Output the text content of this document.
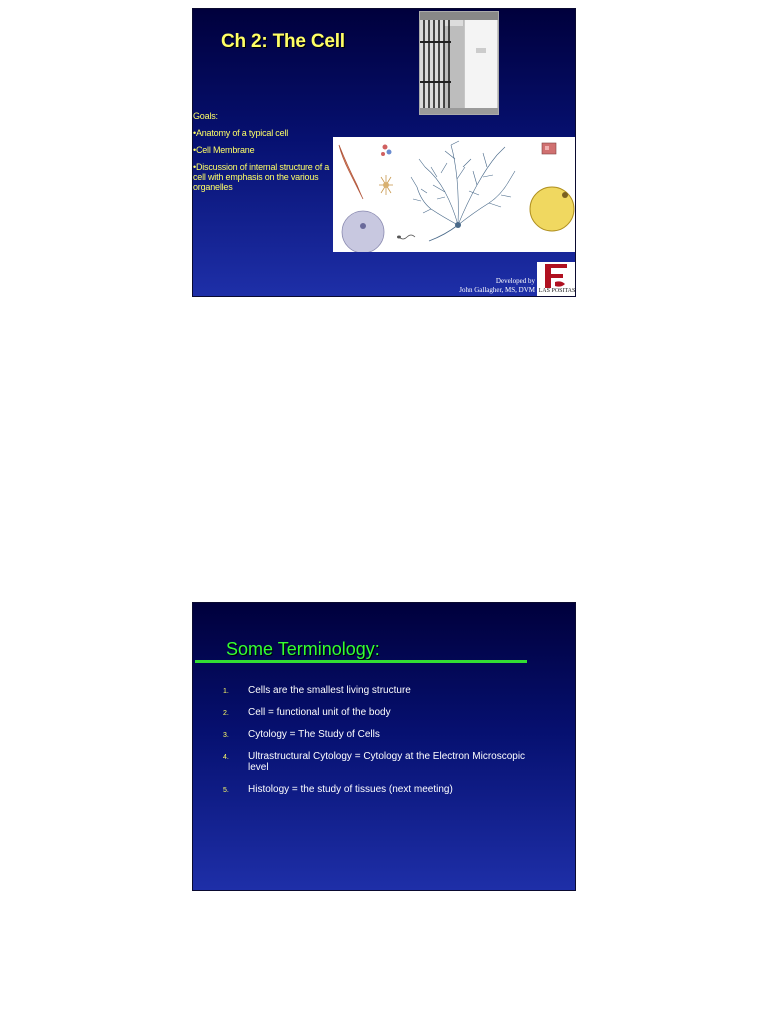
Ch 2: The Cell

Goals:

•Anatomy of a typical cell

•Cell Membrane

•Discussion of internal structure of a cell with emphasis on the various organelles

Developed by
John Gallagher, MS, DVM LAS POSITAS
Some Terminology:
1. Cells are the smallest living structure
2. Cell = functional unit of the body
3. Cytology = The Study of Cells
4. Ultrastructural Cytology = Cytology at the Electron Microscopic level
5. Histology = the study of tissues (next meeting)
